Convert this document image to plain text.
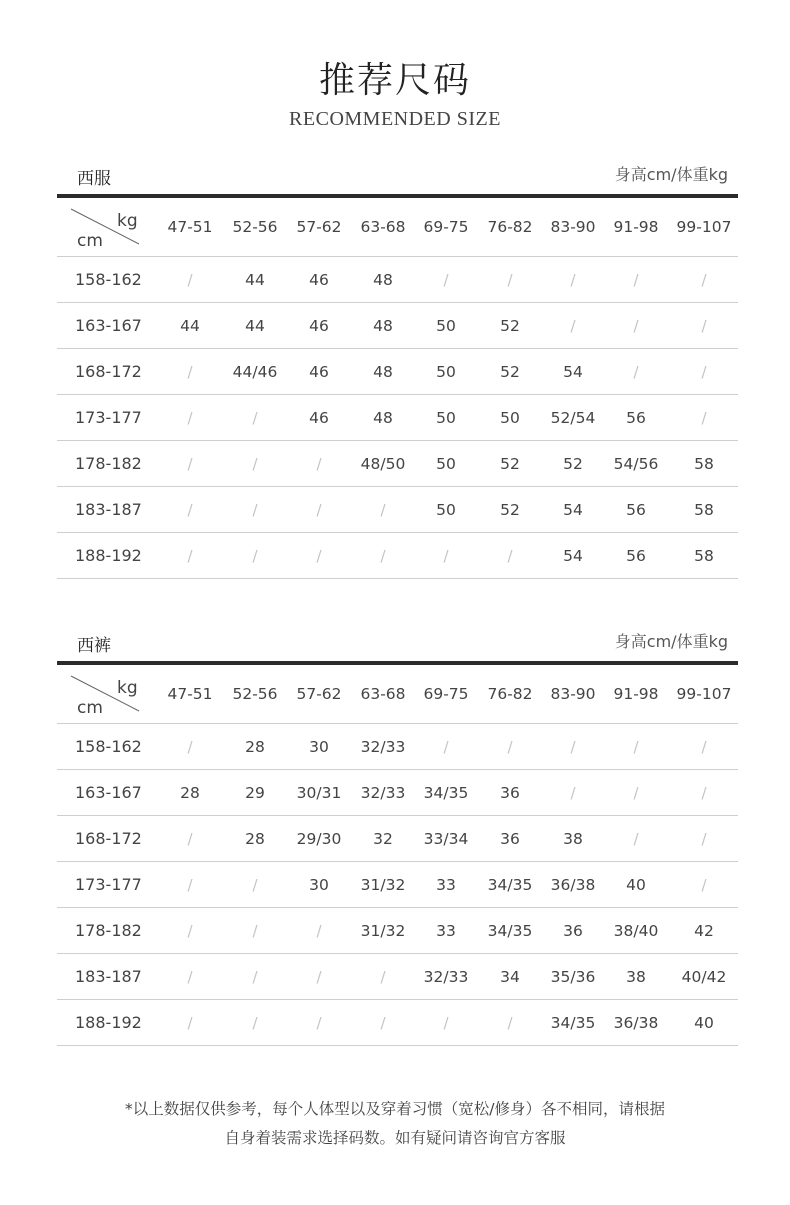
推荐尺码
RECOMMENDED SIZE
西服	身高cm/体重kg
kg
cm
47-51	52-56	57-62	63-68	69-75	76-82	83-90	91-98	99-107
158-162	/	44	46	48	/	/	/	/	/
163-167	44	44	46	48	50	52	/	/	/
168-172	/	44/46	46	48	50	52	54	/	/
173-177	/	/	46	48	50	50	52/54	56	/
178-182	/	/	/	48/50	50	52	52	54/56	58
183-187	/	/	/	/	50	52	54	56	58
188-192	/	/	/	/	/	/	54	56	58
西裤	身高cm/体重kg
kg
cm
47-51	52-56	57-62	63-68	69-75	76-82	83-90	91-98	99-107
158-162	/	28	30	32/33	/	/	/	/	/
163-167	28	29	30/31	32/33	34/35	36	/	/	/
168-172	/	28	29/30	32	33/34	36	38	/	/
173-177	/	/	30	31/32	33	34/35	36/38	40	/
178-182	/	/	/	31/32	33	34/35	36	38/40	42
183-187	/	/	/	/	32/33	34	35/36	38	40/42
188-192	/	/	/	/	/	/	34/35	36/38	40
*以上数据仅供参考，每个人体型以及穿着习惯（宽松/修身）各不相同，请根据
自身着装需求选择码数。如有疑问请咨询官方客服
